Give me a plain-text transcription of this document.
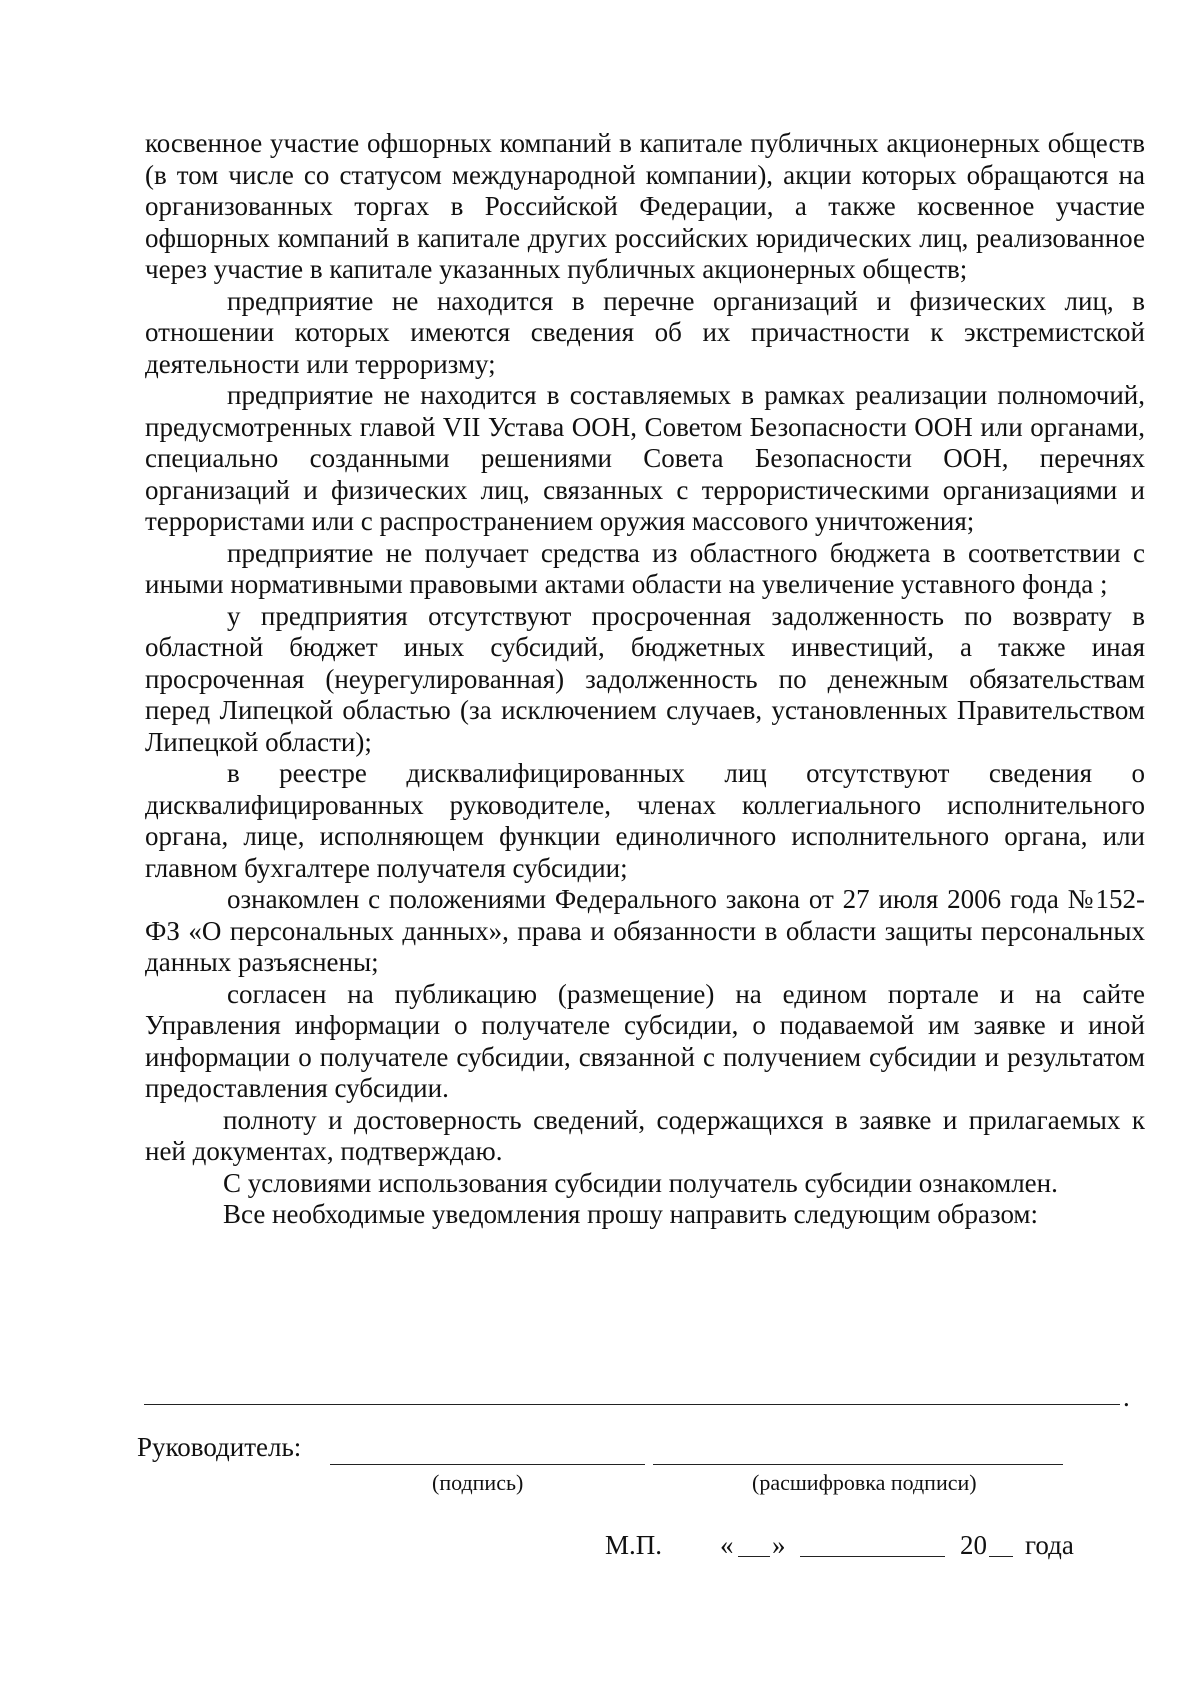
косвенное участие офшорных компаний в капитале публичных акционерных обществ (в том числе со статусом международной компании), акции которых обращаются на организованных торгах в Российской Федерации, а также косвенное участие офшорных компаний в капитале других российских юридических лиц, реализованное через участие в капитале указанных публичных акционерных обществ;

предприятие не находится в перечне организаций и физических лиц, в отношении которых имеются сведения об их причастности к экстремистской деятельности или терроризму;

предприятие не находится в составляемых в рамках реализации полномочий, предусмотренных главой VII Устава ООН, Советом Безопасности ООН или органами, специально созданными решениями Совета Безопасности ООН, перечнях организаций и физических лиц, связанных с террористическими организациями и террористами или с распространением оружия массового уничтожения;

предприятие не получает средства из областного бюджета в соответствии с иными нормативными правовыми актами области на увеличение уставного фонда ;

у предприятия отсутствуют просроченная задолженность по возврату в областной бюджет иных субсидий, бюджетных инвестиций, а также иная просроченная (неурегулированная) задолженность по денежным обязательствам перед Липецкой областью (за исключением случаев, установленных Правительством Липецкой области);

в реестре дисквалифицированных лиц отсутствуют сведения о дисквалифицированных руководителе, членах коллегиального исполнительного органа, лице, исполняющем функции единоличного исполнительного органа, или главном бухгалтере получателя субсидии;

ознакомлен с положениями Федерального закона от 27 июля 2006 года №152-ФЗ «О персональных данных», права и обязанности в области защиты персональных данных разъяснены;

согласен на публикацию (размещение) на едином портале и на сайте Управления информации о получателе субсидии, о подаваемой им заявке и иной информации о получателе субсидии, связанной с получением субсидии и результатом предоставления субсидии.

полноту и достоверность сведений, содержащихся в заявке и прилагаемых к ней документах, подтверждаю.

С условиями использования субсидии получатель субсидии ознакомлен.

Все необходимые уведомления прошу направить следующим образом:

.
Руководитель:
(подпись)	(расшифровка подписи)
М.П. « »	20 года
